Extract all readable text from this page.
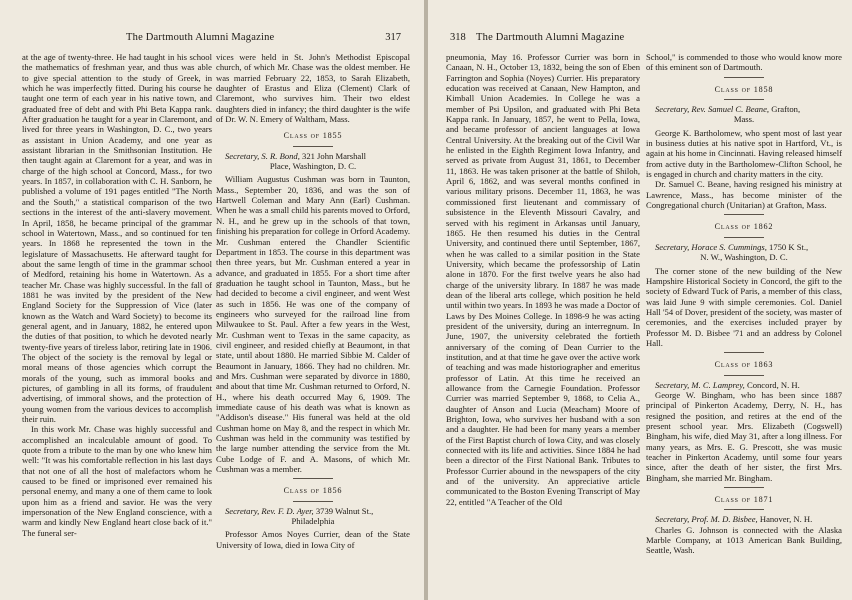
The Dartmouth Alumni Magazine	317

at the age of twenty-three. He had taught in his school the mathematics of freshman year, and thus was able to give special attention to the study of Greek, in which he was imperfectly fitted. During his course he taught one term of each year in his native town, and graduated free of debt and with Phi Beta Kappa rank. After graduation he taught for a year in Claremont, and lived for three years in Washington, D. C., two years as assistant in Union Academy, and one year as assistant librarian in the Smithsonian Institution. He then taught again at Claremont for a year, and was in charge of the high school at Concord, Mass., for two years. In 1857, in collaboration with C. H. Sanborn, he published a volume of 191 pages entitled "The North and the South," a statistical comparison of the two sections in the interest of the anti-slavery movement. In April, 1858, he became principal of the grammar school in Watertown, Mass., and so continued for ten years. In 1868 he represented the town in the legislature of Massachusetts. He afterward taught for about the same length of time in the grammar school of Medford, retaining his home in Watertown. As a teacher Mr. Chase was highly successful. In the fall of 1881 he was invited by the president of the New England Society for the Suppression of Vice (later known as the Watch and Ward Society) to become its general agent, and in January, 1882, he entered upon the duties of that position, to which he devoted nearly twenty-five years of tireless labor, retiring late in 1906. The object of the society is the removal by legal or moral means of those agencies which corrupt the morals of the young, such as immoral books and pictures, of gambling in all its forms, of fraudulent advertising, of immoral shows, and the protection of young women from the various devices to accomplish their ruin.

In this work Mr. Chase was highly successful and accomplished an incalculable amount of good. To quote from a tribute to the man by one who knew him well: "It was his comfortable reflection in his last days that not one of all the host of malefactors whom he caused to be fined or imprisoned ever remained his personal enemy, and many a one of them came to look upon him as a friend and savior. He was the very impersonation of the New England conscience, with a warm and kindly New England heart close back of it." The funeral ser-

vices were held in St. John's Methodist Episcopal church, of which Mr. Chase was the oldest member. He was married February 22, 1853, to Sarah Elizabeth, daughter of Erastus and Eliza (Clement) Clark of Claremont, who survives him. Their two eldest daughters died in infancy; the third daughter is the wife of Dr. W. N. Emery of Waltham, Mass.

Class of 1855

Secretary, S. R. Bond, 321 John Marshall

Place, Washington, D. C.

William Augustus Cushman was born in Taunton, Mass., September 20, 1836, and was the son of Hartwell Coleman and Mary Ann (Earl) Cushman. When he was a small child his parents moved to Orford, N. H., and he grew up in the schools of that town, finishing his preparation for college in Orford Academy. Mr. Cushman entered the Chandler Scientific Department in 1853. The course in this department was then three years, but Mr. Cushman entered a year in advance, and graduated in 1855. For a short time after graduation he taught school in Taunton, Mass., but he had decided to become a civil engineer, and went West as such in 1856. He was one of the company of engineers who surveyed for the railroad line from Milwaukee to St. Paul. After a few years in the West, Mr. Cushman went to Texas in the same capacity, as civil engineer, and resided chiefly at Beaumont, in that state, until about 1880. He married Sibbie M. Calder of Beaumont in January, 1866. They had no children. Mr. and Mrs. Cushman were separated by divorce in 1880, and about that time Mr. Cushman returned to Orford, N. H., where his death occurred May 6, 1909. The immediate cause of his death was what is known as "Addison's disease." His funeral was held at the old Cushman home on May 8, and the respect in which Mr. Cushman was held in the community was testified by the large number attending the service from the Mt. Cube Lodge of F. and A. Masons, of which Mr. Cushman was a member.

Class of 1856

Secretary, Rev. F. D. Ayer, 3739 Walnut St.,

Philadelphia

Professor Amos Noyes Currier, dean of the State University of Iowa, died in Iowa City of

318 The Dartmouth Alumni Magazine

pneumonia, May 16. Professor Currier was born in Canaan, N. H., October 13, 1832, being the son of Eben Farrington and Sophia (Noyes) Currier. His preparatory education was received at Canaan, New Hampton, and Kimball Union Academies. In College he was a member of Psi Upsilon, and graduated with Phi Beta Kappa rank. In January, 1857, he went to Pella, Iowa, and became professor of ancient languages at Iowa Central University. At the breaking out of the Civil War he enlisted in the Eighth Regiment Iowa Infantry, and served as private from August 31, 1861, to December 11, 1863. He was taken prisoner at the battle of Shiloh, April 6, 1862, and was several months confined in various military prisons. December 11, 1863, he was commissioned first lieutenant and commissary of subsistence in the Eleventh Missouri Cavalry, and served with his regiment in Arkansas until January, 1865. He then resumed his duties in the Central University, and continued there until September, 1867, when he was called to a similar position in the State University, which became the professorship of Latin alone in 1870. For the first twelve years he also had charge of the university library. In 1887 he was made dean of the liberal arts college, which position he held until within two years. In 1893 he was made a Doctor of Laws by Des Moines College. In 1898-9 he was acting president of the university, during an interregnum. In June, 1907, the university celebrated the fortieth anniversary of the coming of Dean Currier to the institution, and at that time he gave over the active work of teaching and was made historiographer and emeritus professor of Latin. At this time he received an allowance from the Carnegie Foundation. Professor Currier was married September 9, 1868, to Celia A., daughter of Anson and Lucia (Meacham) Moore of Brighton, Iowa, who survives her husband with a son and a daughter. He had been for many years a member of the First Baptist church of Iowa City, and was closely connected with its life and activities. Since 1884 he had been a director of the First National Bank. Tributes to Professor Currier abound in the newspapers of the city and of the university. An appreciative article communicated to the Boston Evening Transcript of May 22, entitled "A Teacher of the Old

School," is commended to those who would know more of this eminent son of Dartmouth.

Class of 1858

Secretary, Rev. Samuel C. Beane, Grafton,

Mass.

George K. Bartholomew, who spent most of last year in business duties at his native spot in Hartford, Vt., is again at his home in Cincinnati. Having released himself from active duty in the Bartholomew-Clifton School, he is engaged in church and charity matters in the city.

Dr. Samuel C. Beane, having resigned his ministry at Lawrence, Mass., has become minister of the Congregational church (Unitarian) at Grafton, Mass.

Class of 1862

Secretary, Horace S. Cummings, 1750 K St.,

N. W., Washington, D. C.

The corner stone of the new building of the New Hampshire Historical Society in Concord, the gift to the society of Edward Tuck of Paris, a member of this class, was laid June 9 with simple ceremonies. Col. Daniel Hall '54 of Dover, president of the society, was master of ceremonies, and the exercises included prayer by Professor M. D. Bisbee '71 and an address by Colonel Hall.

Class of 1863

Secretary, M. C. Lamprey, Concord, N. H.

George W. Bingham, who has been since 1887 principal of Pinkerton Academy, Derry, N. H., has resigned the position, and retires at the end of the present school year. Mrs. Elizabeth (Cogswell) Bingham, his wife, died May 31, after a long illness. For many years, as Mrs. E. G. Prescott, she was music teacher in Pinkerton Academy, until some four years since, after the death of her sister, the first Mrs. Bingham, she married Mr. Bingham.

Class of 1871

Secretary, Prof. M. D. Bisbee, Hanover, N. H.

Charles G. Johnson is connected with the Alaska Marble Company, at 1013 American Bank Building, Seattle, Wash.
